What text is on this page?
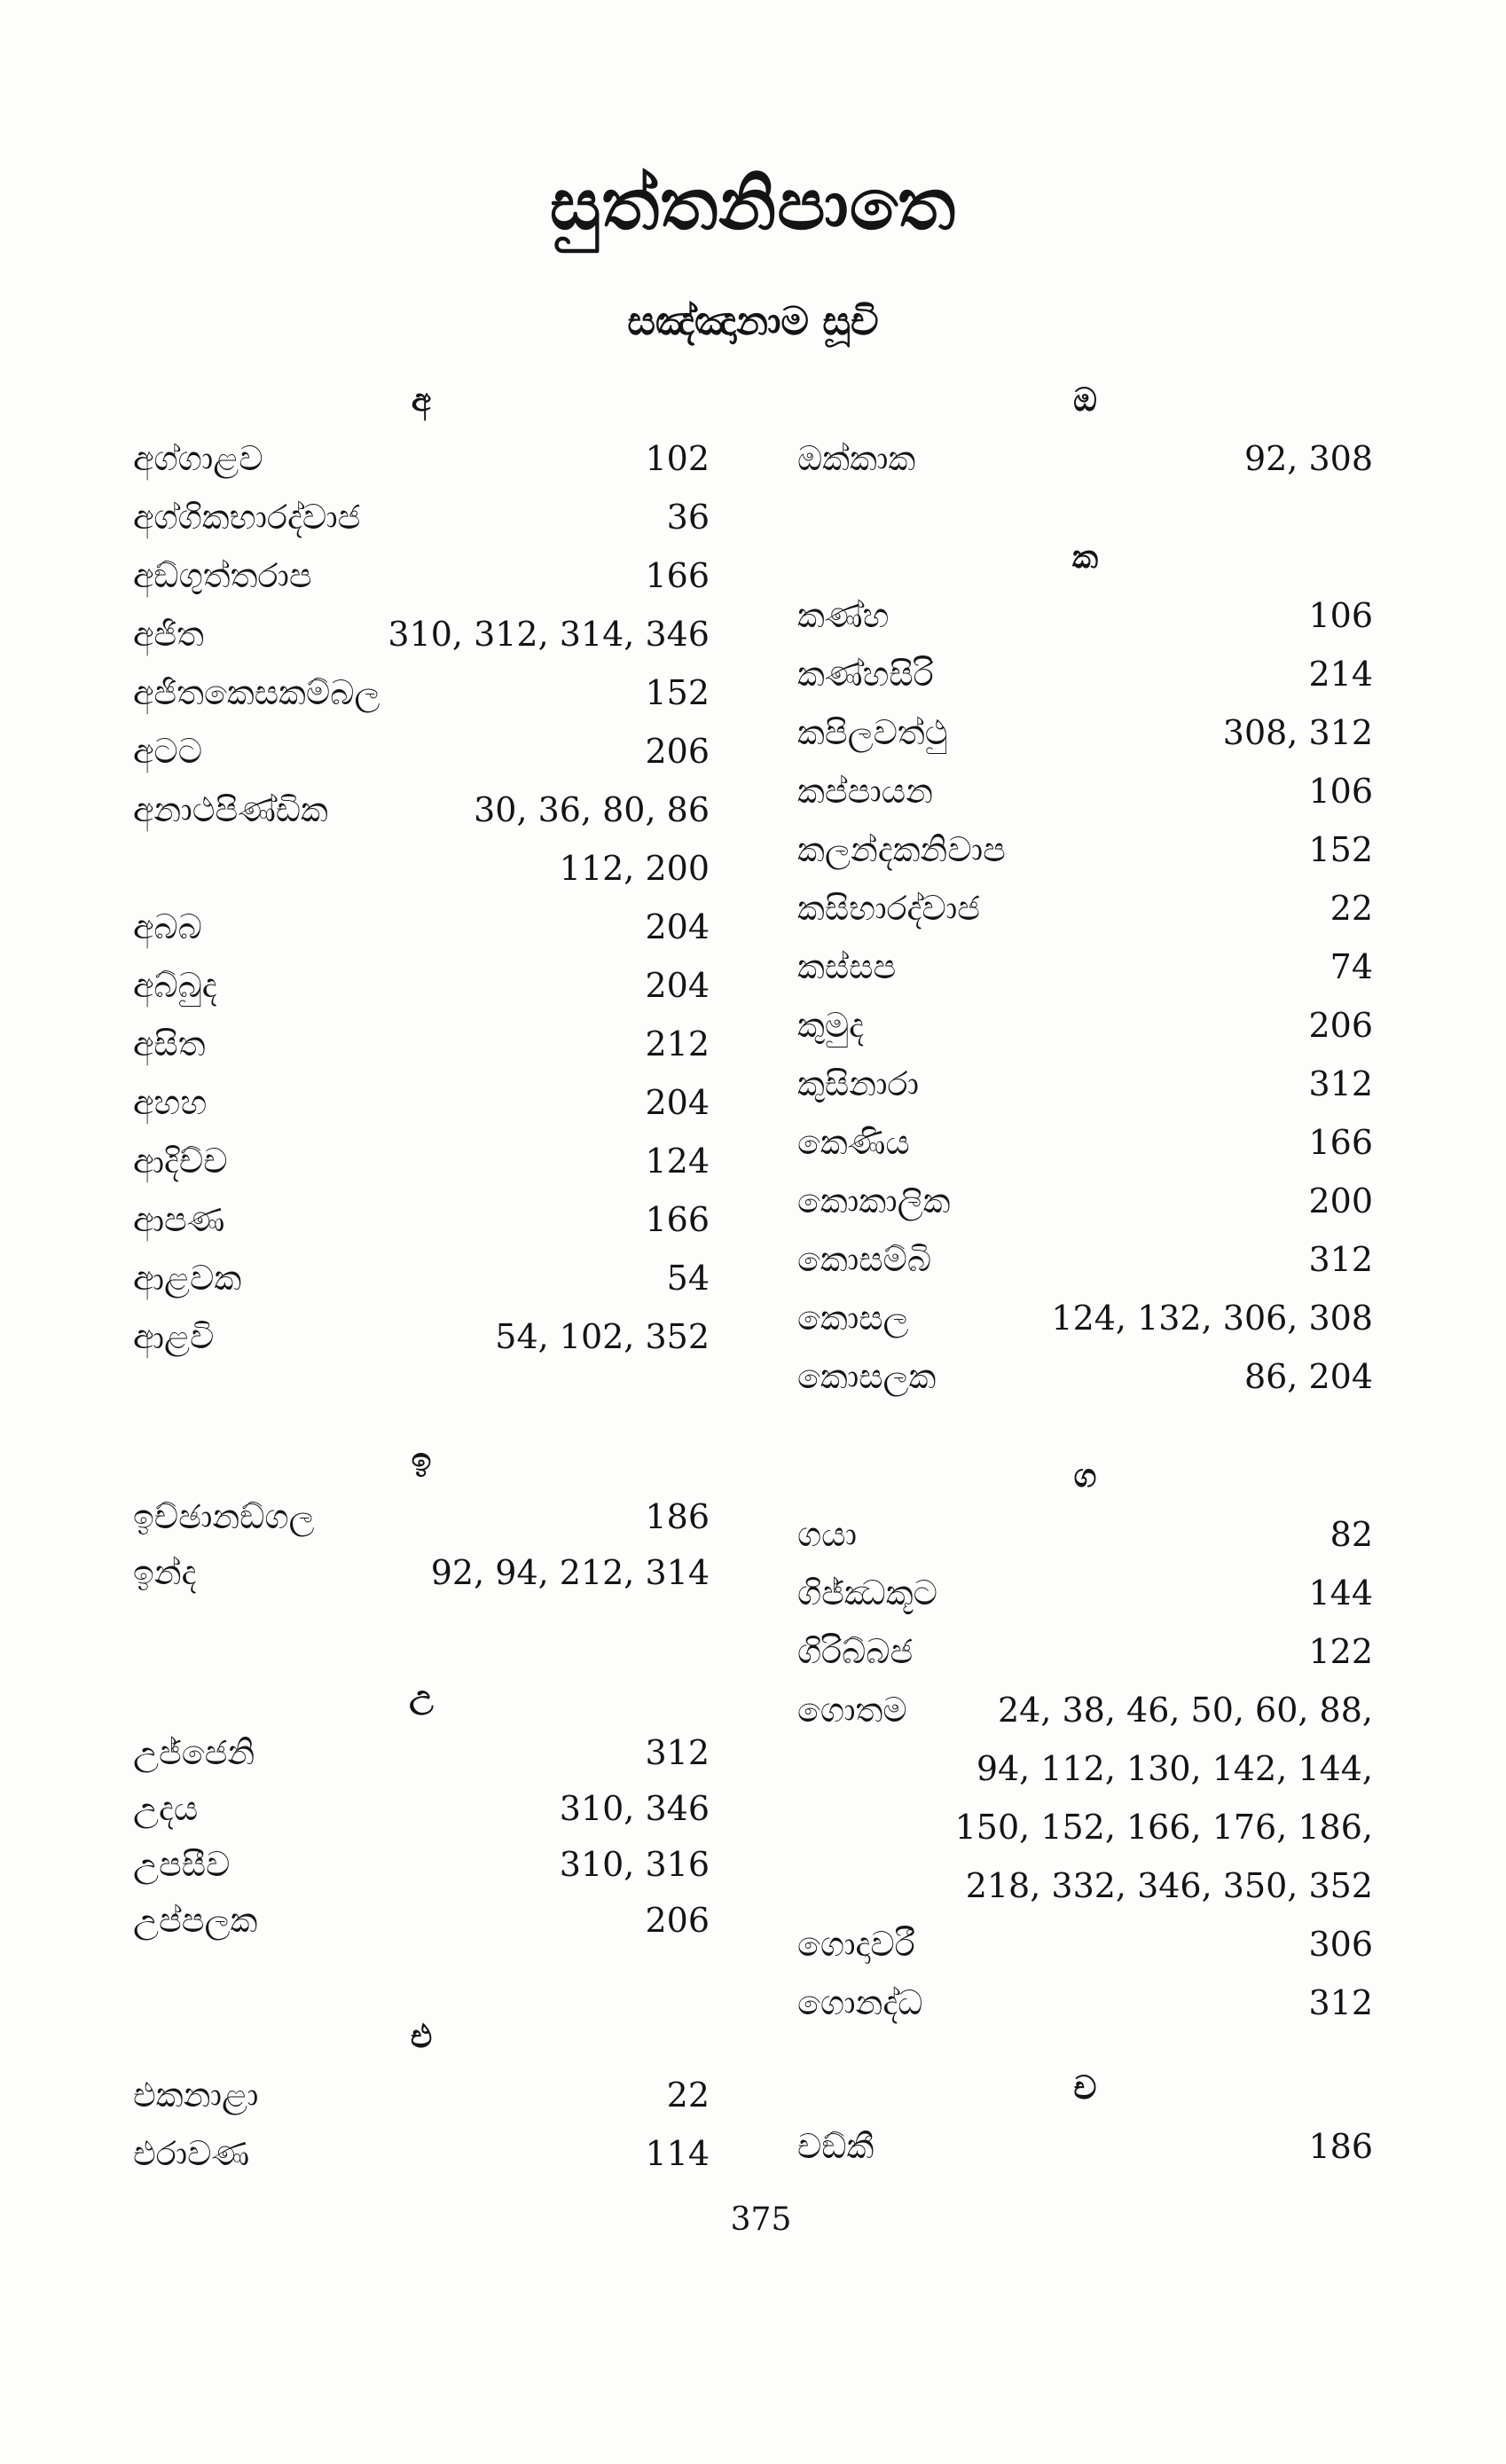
සුත්තනිපාතෙ
සඤ්ඤානාම සූචි
අ
අග්ගාළව	102
අග්ගිකභාරද්වාජ	36
අඞ්ගුත්තරාප	166
අජිත	310, 312, 314, 346
අජිතකෙසකම්බල	152
අටට	206
අනාථපිණ්ඩික	30, 36, 80, 86
112, 200
අබබ	204
අබ්බුද	204
අසිත	212
අහහ	204
ආදිච්ච	124
ආපණ	166
ආළවක	54
ආළවි	54, 102, 352
ඉ
ඉච්ඡානඞ්ගල	186
ඉන්ද	92, 94, 212, 314
උ
උජ්ජෙනි	312
උදය	310, 346
උපසීව	310, 316
උප්පලක	206
එ
එකනාළා	22
එරාවණ	114
ඔ
ඔක්කාක	92, 308
ක
කණ්හ	106
කණ්හසිරි	214
කපිලවත්ථු	308, 312
කප්පායන	106
කලන්දකනිවාප	152
කසිභාරද්වාජ	22
කස්සප	74
කුමුද	206
කුසිනාරා	312
කෙණිය	166
කොකාලික	200
කොසම්බි	312
කොසල	124, 132, 306, 308
කොසලක	86, 204
ග
ගයා	82
ගිජ්ඣකූට	144
ගිරිබ්බජ	122
ගොතම	24, 38, 46, 50, 60, 88,
94, 112, 130, 142, 144,
150, 152, 166, 176, 186,
218, 332, 346, 350, 352
ගොදාවරී	306
ගොනද්ධ	312
ච
චඞ්කී	186
375
